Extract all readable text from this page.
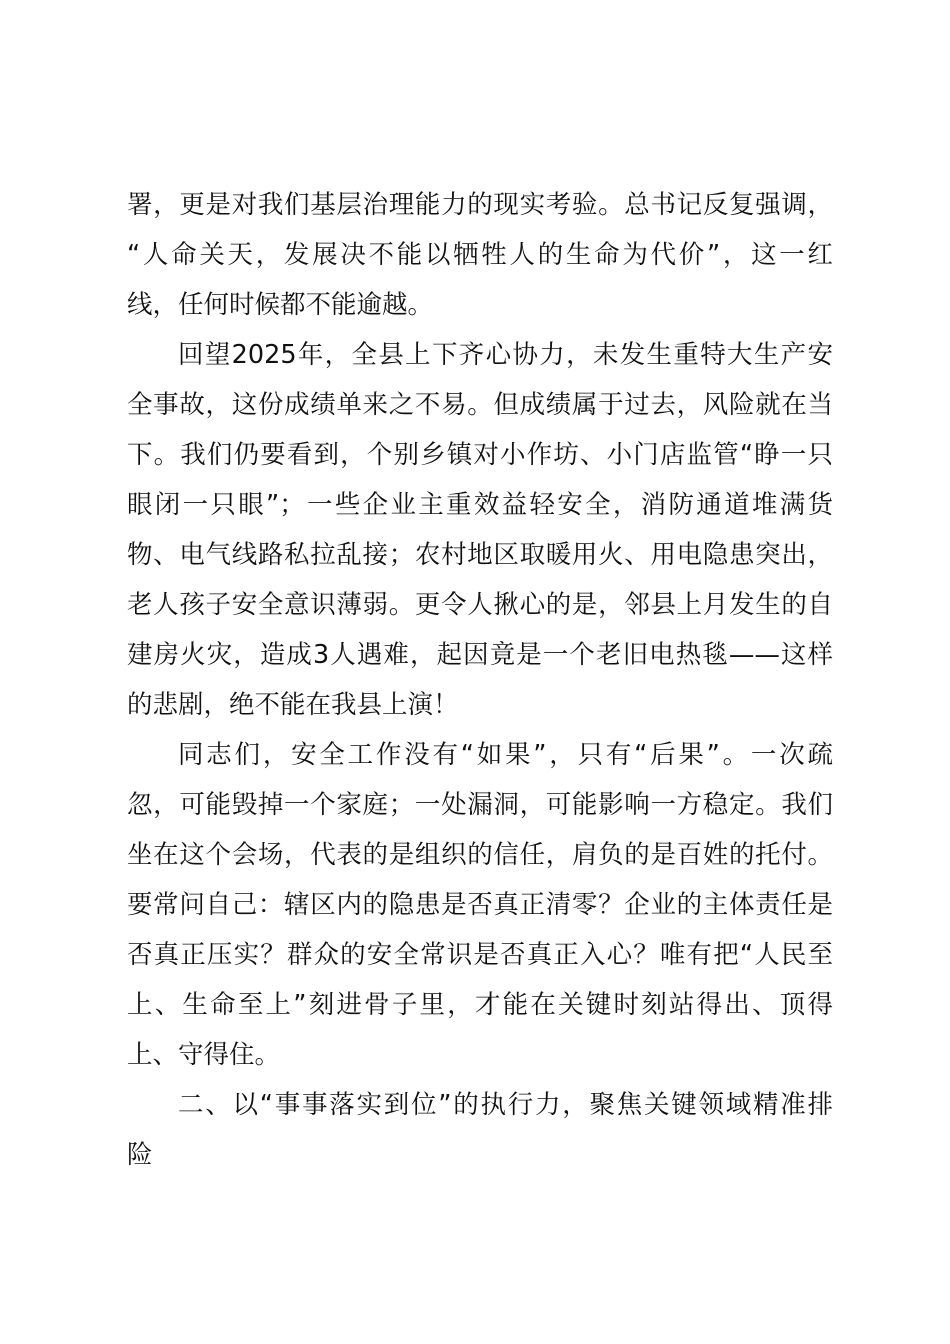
署，更是对我们基层治理能力的现实考验。总书记反复强调，
“人命关天，发展决不能以牺牲人的生命为代价”，这一红
线，任何时候都不能逾越。
回望2025年，全县上下齐心协力，未发生重特大生产安
全事故，这份成绩单来之不易。但成绩属于过去，风险就在当
下。我们仍要看到，个别乡镇对小作坊、小门店监管“睁一只
眼闭一只眼”；一些企业主重效益轻安全，消防通道堆满货
物、电气线路私拉乱接；农村地区取暖用火、用电隐患突出，
老人孩子安全意识薄弱。更令人揪心的是，邻县上月发生的自
建房火灾，造成3人遇难，起因竟是一个老旧电热毯——这样
的悲剧，绝不能在我县上演！
同志们，安全工作没有“如果”，只有“后果”。一次疏
忽，可能毁掉一个家庭；一处漏洞，可能影响一方稳定。我们
坐在这个会场，代表的是组织的信任，肩负的是百姓的托付。
要常问自己：辖区内的隐患是否真正清零？企业的主体责任是
否真正压实？群众的安全常识是否真正入心？唯有把“人民至
上、生命至上”刻进骨子里，才能在关键时刻站得出、顶得
上、守得住。
二、以“事事落实到位”的执行力，聚焦关键领域精准排
险
